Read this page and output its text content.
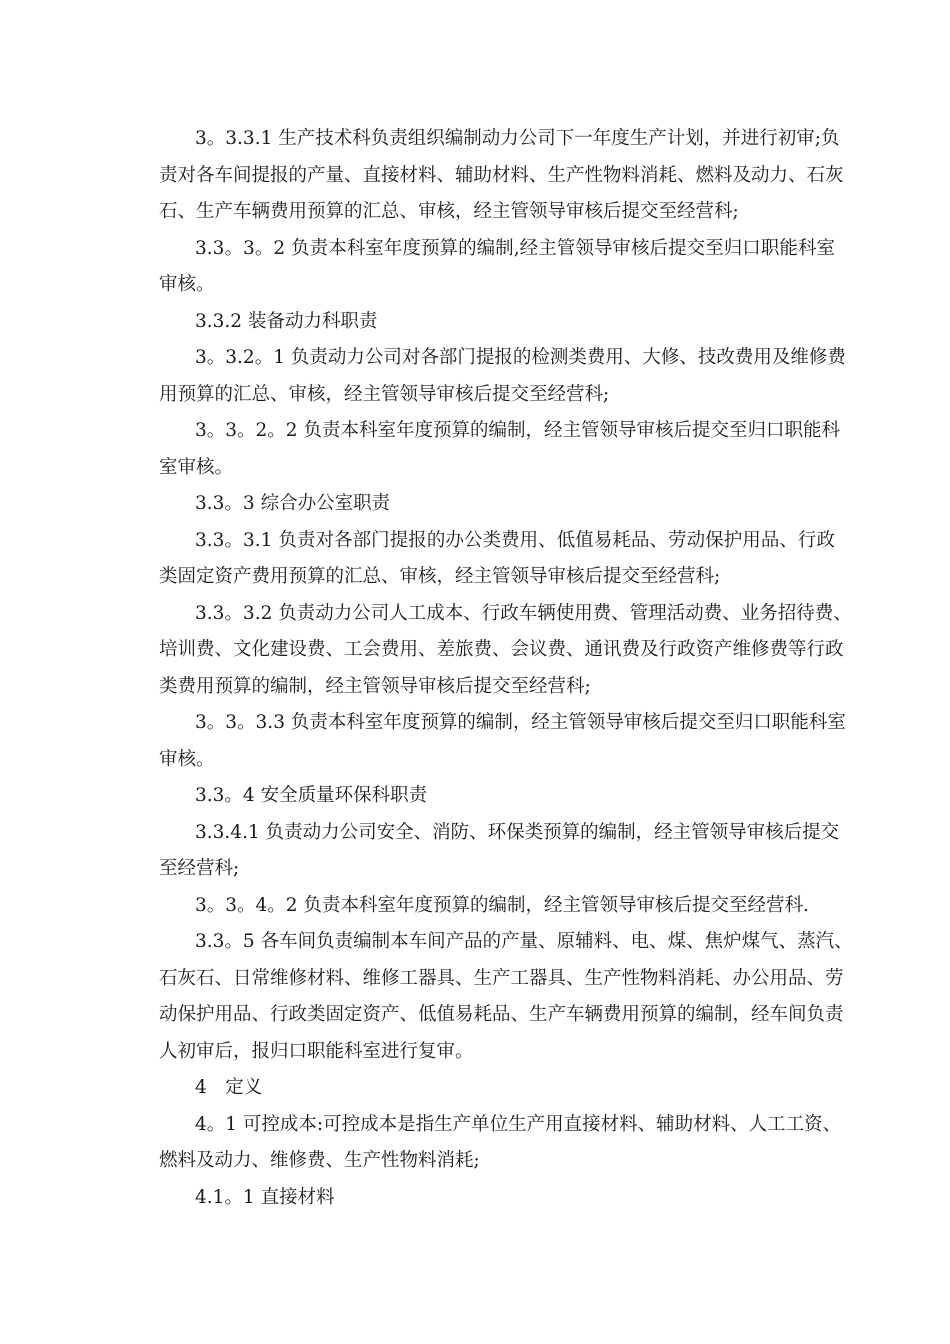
3。3.3.1 生产技术科负责组织编制动力公司下一年度生产计划，并进行初审;负
责对各车间提报的产量、直接材料、辅助材料、生产性物料消耗、燃料及动力、石灰
石、生产车辆费用预算的汇总、审核，经主管领导审核后提交至经营科;
3.3。3。2 负责本科室年度预算的编制,经主管领导审核后提交至归口职能科室
审核。
3.3.2 装备动力科职责
3。3.2。1 负责动力公司对各部门提报的检测类费用、大修、技改费用及维修费
用预算的汇总、审核，经主管领导审核后提交至经营科;
3。3。2。2 负责本科室年度预算的编制，经主管领导审核后提交至归口职能科
室审核。
3.3。3 综合办公室职责
3.3。3.1 负责对各部门提报的办公类费用、低值易耗品、劳动保护用品、行政
类固定资产费用预算的汇总、审核，经主管领导审核后提交至经营科;
3.3。3.2 负责动力公司人工成本、行政车辆使用费、管理活动费、业务招待费、
培训费、文化建设费、工会费用、差旅费、会议费、通讯费及行政资产维修费等行政
类费用预算的编制，经主管领导审核后提交至经营科;
3。3。3.3 负责本科室年度预算的编制，经主管领导审核后提交至归口职能科室
审核。
3.3。4 安全质量环保科职责
3.3.4.1 负责动力公司安全、消防、环保类预算的编制，经主管领导审核后提交
至经营科;
3。3。4。2 负责本科室年度预算的编制，经主管领导审核后提交至经营科.
3.3。5 各车间负责编制本车间产品的产量、原辅料、电、煤、焦炉煤气、蒸汽、
石灰石、日常维修材料、维修工器具、生产工器具、生产性物料消耗、办公用品、劳
动保护用品、行政类固定资产、低值易耗品、生产车辆费用预算的编制，经车间负责
人初审后，报归口职能科室进行复审。
4　定义
4。1 可控成本:可控成本是指生产单位生产用直接材料、辅助材料、人工工资、
燃料及动力、维修费、生产性物料消耗;
4.1。1 直接材料
